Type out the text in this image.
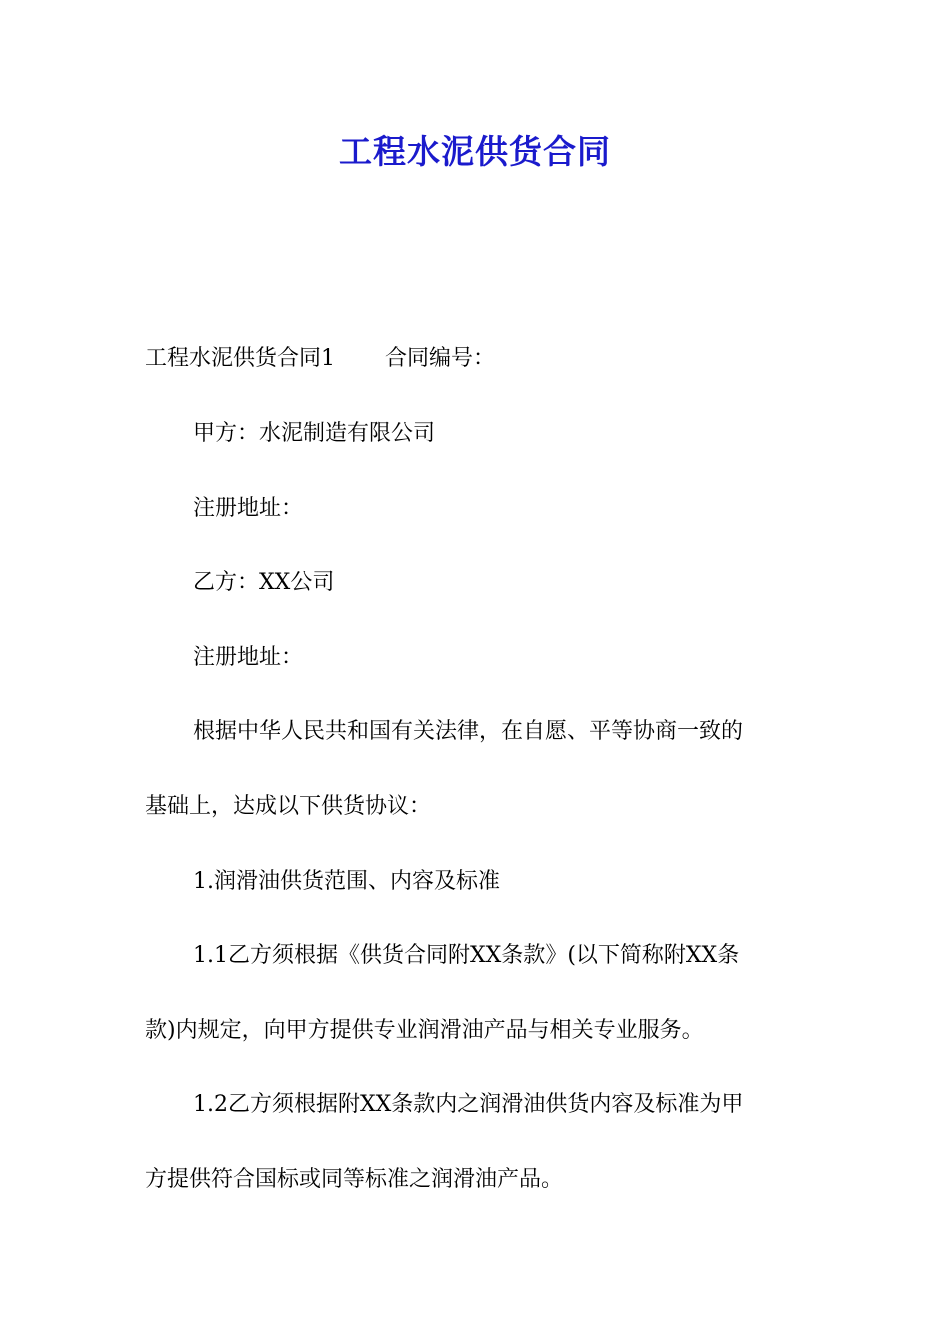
工程水泥供货合同
工程水泥供货合同1 合同编号：
甲方：水泥制造有限公司
注册地址：
乙方：XX公司
注册地址：
根据中华人民共和国有关法律，在自愿、平等协商一致的
基础上，达成以下供货协议：
1.润滑油供货范围、内容及标准
1.1乙方须根据《供货合同附XX条款》(以下简称附XX条
款)内规定，向甲方提供专业润滑油产品与相关专业服务。
1.2乙方须根据附XX条款内之润滑油供货内容及标准为甲
方提供符合国标或同等标准之润滑油产品。
